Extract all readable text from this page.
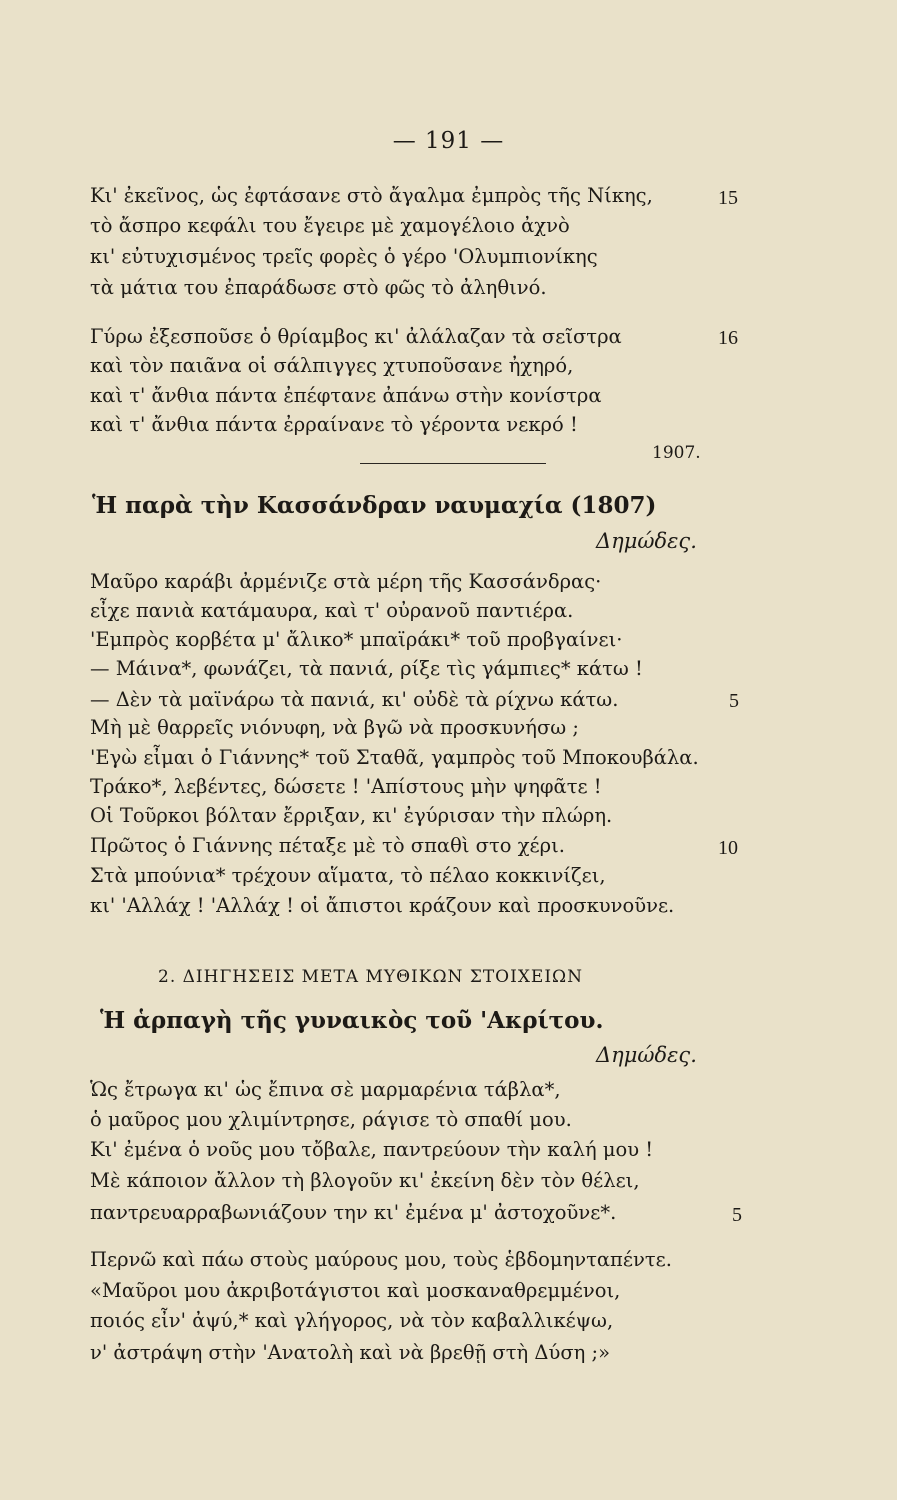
— 191 —
Κι' ἐκεῖνος, ὡς ἐφτάσανε στὸ ἄγαλμα ἐμπρὸς τῆς Νίκης,
τὸ ἄσπρο κεφάλι του ἔγειρε μὲ χαμογέλοιο ἀχνὸ
κι' εὐτυχισμένος τρεῖς φορὲς ὁ γέρο 'Ολυμπιονίκης
τὰ μάτια του ἐπαράδωσε στὸ φῶς τὸ ἀληθινό.
15
Γύρω ἐξεσποῦσε ὁ θρίαμβος κι' ἀλάλαζαν τὰ σεῖστρα
καὶ τὸν παιᾶνα οἱ σάλπιγγες χτυποῦσανε ἠχηρό,
καὶ τ' ἄνθια πάντα ἐπέφτανε ἀπάνω στὴν κονίστρα
καὶ τ' ἄνθια πάντα ἐρραίνανε τὸ γέροντα νεκρό !
16
1907.
Ἡ παρὰ τὴν Κασσάνδραν ναυμαχία (1807)
Δημώδες.
Μαῦρο καράβι ἀρμένιζε στὰ μέρη τῆς Κασσάνδρας·
εἶχε πανιὰ κατάμαυρα, καὶ τ' οὐρανοῦ παντιέρα.
'Εμπρὸς κορβέτα μ' ἄλικο* μπαϊράκι* τοῦ προβγαίνει·
— Μάινα*, φωνάζει, τὰ πανιά, ρίξε τὶς γάμπιες* κάτω !
— Δὲν τὰ μαϊνάρω τὰ πανιά, κι' οὐδὲ τὰ ρίχνω κάτω.	5
Μὴ μὲ θαρρεῖς νιόνυφη, νὰ βγῶ νὰ προσκυνήσω ;
'Εγὼ εἶμαι ὁ Γιάννης* τοῦ Σταθᾶ, γαμπρὸς τοῦ Μποκουβάλα.
Τράκο*, λεβέντες, δώσετε ! 'Απίστους μὴν ψηφᾶτε !
Οἱ Τοῦρκοι βόλταν ἔρριξαν, κι' ἐγύρισαν τὴν πλώρη.
Πρῶτος ὁ Γιάννης πέταξε μὲ τὸ σπαθὶ στο χέρι.	10
Στὰ μπούνια* τρέχουν αἵματα, τὸ πέλαο κοκκινίζει,
κι' 'Αλλάχ ! 'Αλλάχ ! οἱ ἄπιστοι κράζουν καὶ προσκυνοῦνε.
2. ΔΙΗΓΗΣΕΙΣ ΜΕΤΑ ΜΥΘΙΚΩΝ ΣΤΟΙΧΕΙΩΝ
Ἡ ἁρπαγὴ τῆς γυναικὸς τοῦ 'Ακρίτου.
Δημώδες.
Ὡς ἔτρωγα κι' ὡς ἔπινα σὲ μαρμαρένια τάβλα*,
ὁ μαῦρος μου χλιμίντρησε, ράγισε τὸ σπαθί μου.
Κι' ἐμένα ὁ νοῦς μου τὄβαλε, παντρεύουν τὴν καλή μου !
Μὲ κάποιον ἄλλον τὴ βλογοῦν κι' ἐκείνη δὲν τὸν θέλει,
παντρευαρραβωνιάζουν την κι' ἐμένα μ' ἀστοχοῦνε*.	5
Περνῶ καὶ πάω στοὺς μαύρους μου, τοὺς ἑβδομηνταπέντε.
«Μαῦροι μου ἀκριβοτάγιστοι καὶ μοσκαναθρεμμένοι,
ποιός εἶν' ἀψύ,* καὶ γλήγορος, νὰ τὸν καβαλλικέψω,
ν' ἀστράψη στὴν 'Ανατολὴ καὶ νὰ βρεθῇ στὴ Δύση ;»
